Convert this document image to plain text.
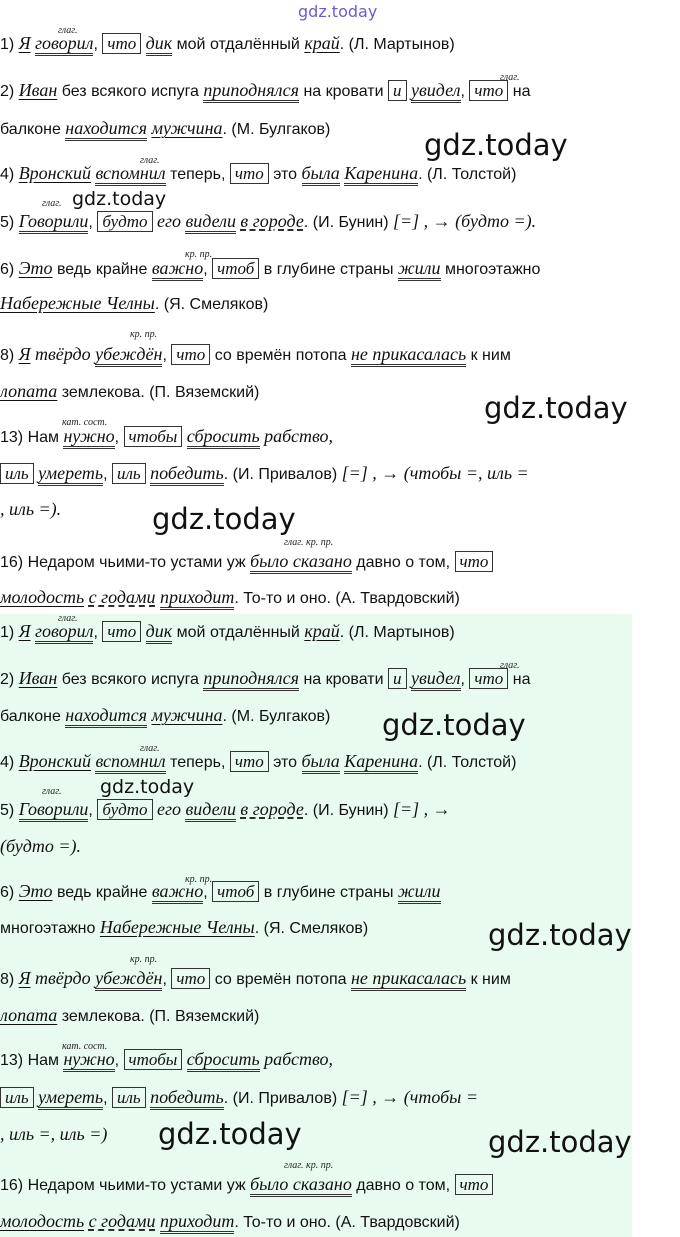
gdz.today
глаг.
1) Я говорил, что дик мой отдалённый край. (Л. Мартынов)
глаг.
2) Иван без всякого испуга приподнялся на кровати и увидел, что на
балконе находится мужчина. (М. Булгаков)	gdz.today
глаг.
4) Вронский вспомнил теперь, что это была Каренина. (Л. Толстой)
глаг. gdz.today
5) Говорили, будто его видели в городе. (И. Бунин) [=] , → (будто =).
кр. пр.
6) Это ведь крайне важно, чтоб в глубине страны жили многоэтажно
Набережные Челны. (Я. Смеляков)
кр. пр.
8) Я твёрдо убеждён, что со времён потопа не прикасалась к ним
лопата землекова. (П. Вяземский)	gdz.today
кат. сост.
13) Нам нужно, чтобы сбросить рабство,
иль умереть, иль победить. (И. Привалов) [=] , → (чтобы =, иль =
, иль =).	gdz.today
глаг. кр. пр.
16) Недаром чьими-то устами уж было сказано давно о том, что
молодость с годами приходит. То-то и оно. (А. Твардовский)
глаг.
1) Я говорил, что дик мой отдалённый край. (Л. Мартынов)
глаг.
2) Иван без всякого испуга приподнялся на кровати и увидел, что на
балконе находится мужчина. (М. Булгаков) gdz.today
глаг.
4) Вронский вспомнил теперь, что это была Каренина. (Л. Толстой)
глаг. gdz.today
5) Говорили, будто его видели в городе. (И. Бунин) [=] , →
(будто =).
кр. пр.
6) Это ведь крайне важно, чтоб в глубине страны жили
многоэтажно Набережные Челны. (Я. Смеляков)	gdz.today
кр. пр.
8) Я твёрдо убеждён, что со времён потопа не прикасалась к ним
лопата землекова. (П. Вяземский)
кат. сост.
13) Нам нужно, чтобы сбросить рабство,
иль умереть, иль победить. (И. Привалов) [=] , → (чтобы =
, иль =, иль =) gdz.today	gdz.today
глаг. кр. пр.
16) Недаром чьими-то устами уж было сказано давно о том, что
молодость с годами приходит. То-то и оно. (А. Твардовский)
